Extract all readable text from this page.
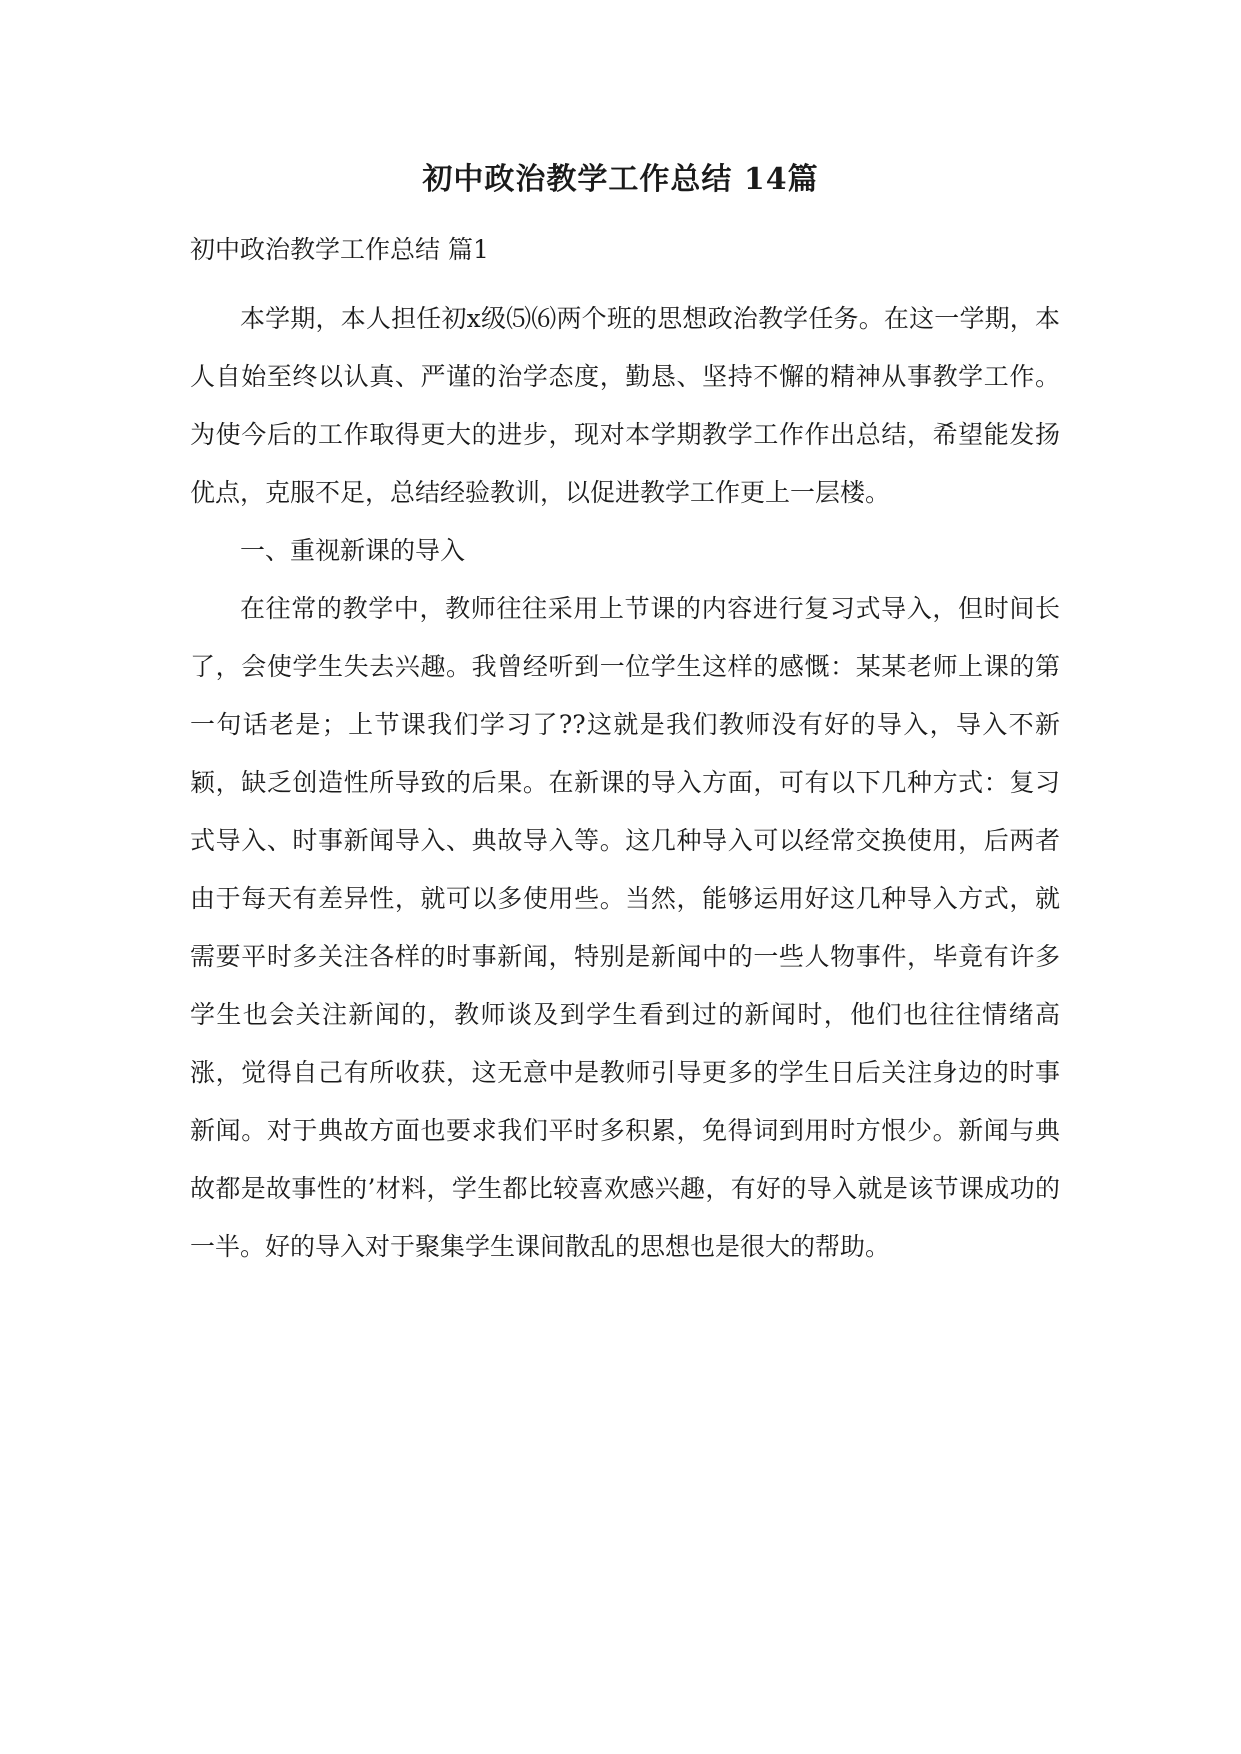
初中政治教学工作总结 14篇
初中政治教学工作总结 篇1

本学期，本人担任初x级⑸⑹两个班的思想政治教学任务。在这一学期，本人自始至终以认真、严谨的治学态度，勤恳、坚持不懈的精神从事教学工作。为使今后的工作取得更大的进步，现对本学期教学工作作出总结，希望能发扬优点，克服不足，总结经验教训，以促进教学工作更上一层楼。

一、重视新课的导入

在往常的教学中，教师往往采用上节课的内容进行复习式导入，但时间长了，会使学生失去兴趣。我曾经听到一位学生这样的感慨：某某老师上课的第一句话老是；上节课我们学习了??这就是我们教师没有好的导入，导入不新颖，缺乏创造性所导致的后果。在新课的导入方面，可有以下几种方式：复习式导入、时事新闻导入、典故导入等。这几种导入可以经常交换使用，后两者由于每天有差异性，就可以多使用些。当然，能够运用好这几种导入方式，就需要平时多关注各样的时事新闻，特别是新闻中的一些人物事件，毕竟有许多学生也会关注新闻的，教师谈及到学生看到过的新闻时，他们也往往情绪高涨，觉得自己有所收获，这无意中是教师引导更多的学生日后关注身边的时事新闻。对于典故方面也要求我们平时多积累，免得词到用时方恨少。新闻与典故都是故事性的’材料，学生都比较喜欢感兴趣，有好的导入就是该节课成功的一半。好的导入对于聚集学生课间散乱的思想也是很大的帮助。
